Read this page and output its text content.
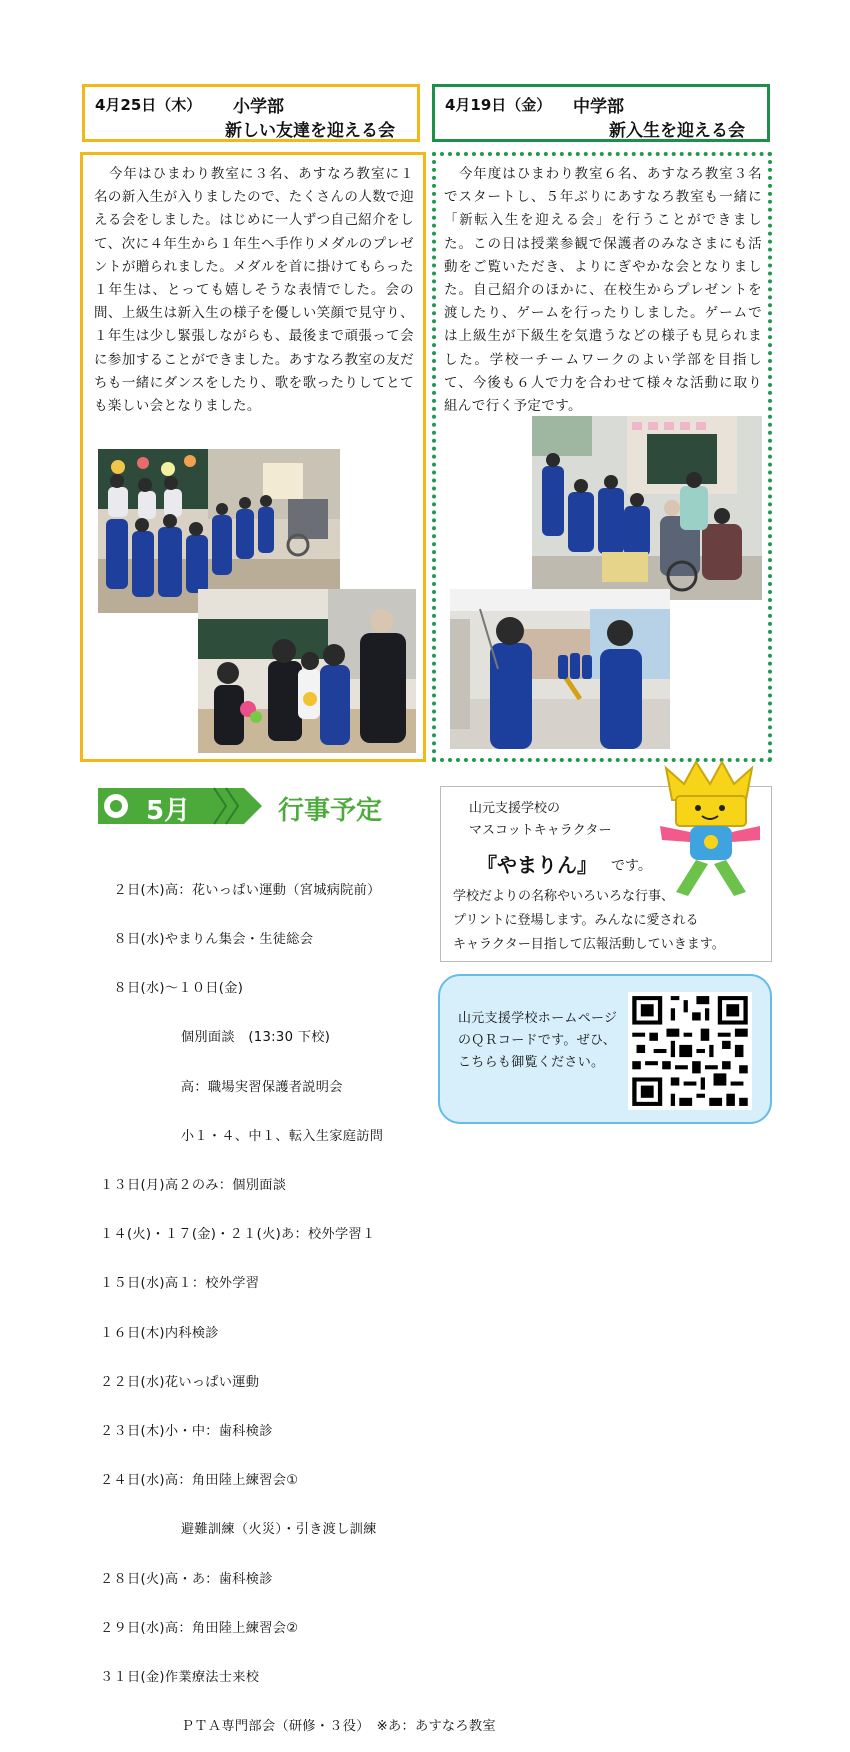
4月25日（木） 小学部
新しい友達を迎える会
4月19日（金） 中学部
新入生を迎える会
今年はひまわり教室に３名、あすなろ教室に１名の新入生が入りましたので、たくさんの人数で迎える会をしました。はじめに一人ずつ自己紹介をして、次に４年生から１年生へ手作りメダルのプレゼントが贈られました。メダルを首に掛けてもらった１年生は、とっても嬉しそうな表情でした。会の間、上級生は新入生の様子を優しい笑顔で見守り、１年生は少し緊張しながらも、最後まで頑張って会に参加することができました。あすなろ教室の友だちも一緒にダンスをしたり、歌を歌ったりしてとても楽しい会となりました。
今年度はひまわり教室６名、あすなろ教室３名でスタートし、５年ぶりにあすなろ教室も一緒に「新転入生を迎える会」を行うことができました。この日は授業参観で保護者のみなさまにも活動をご覧いただき、よりにぎやかな会となりました。自己紹介のほかに、在校生からプレゼントを渡したり、ゲームを行ったりしました。ゲームでは上級生が下級生を気遣うなどの様子も見られました。学校一チームワークのよい学部を目指して、今後も６人で力を合わせて様々な活動に取り組んで行く予定です。
5月	行事予定

　２日(木)高：花いっぱい運動（宮城病院前）

　８日(水)やまりん集会・生徒総会

　８日(水)～１０日(金)

　　　　　　個別面談　(13:30 下校)

　　　　　　高：職場実習保護者説明会

　　　　　　小１・４、中１、転入生家庭訪問

１３日(月)高２のみ：個別面談

１４(火)・１７(金)・２１(火)あ：校外学習１

１５日(水)高１：校外学習

１６日(木)内科検診

２２日(水)花いっぱい運動

２３日(木)小・中：歯科検診

２４日(水)高：角田陸上練習会①

　　　　　　避難訓練（火災）・引き渡し訓練

２８日(火)高・あ：歯科検診

２９日(水)高：角田陸上練習会②

３１日(金)作業療法士来校

　　　　　　ＰＴＡ専門部会（研修・３役）　※あ：あすなろ教室

山元支援学校の
マスコットキャラクター
『やまりん』 です。
学校だよりの名称やいろいろな行事、
プリントに登場します。みんなに愛される
キャラクター目指して広報活動していきます。
山元支援学校ホームページのＱＲコードです。ぜひ、こちらも御覧ください。
